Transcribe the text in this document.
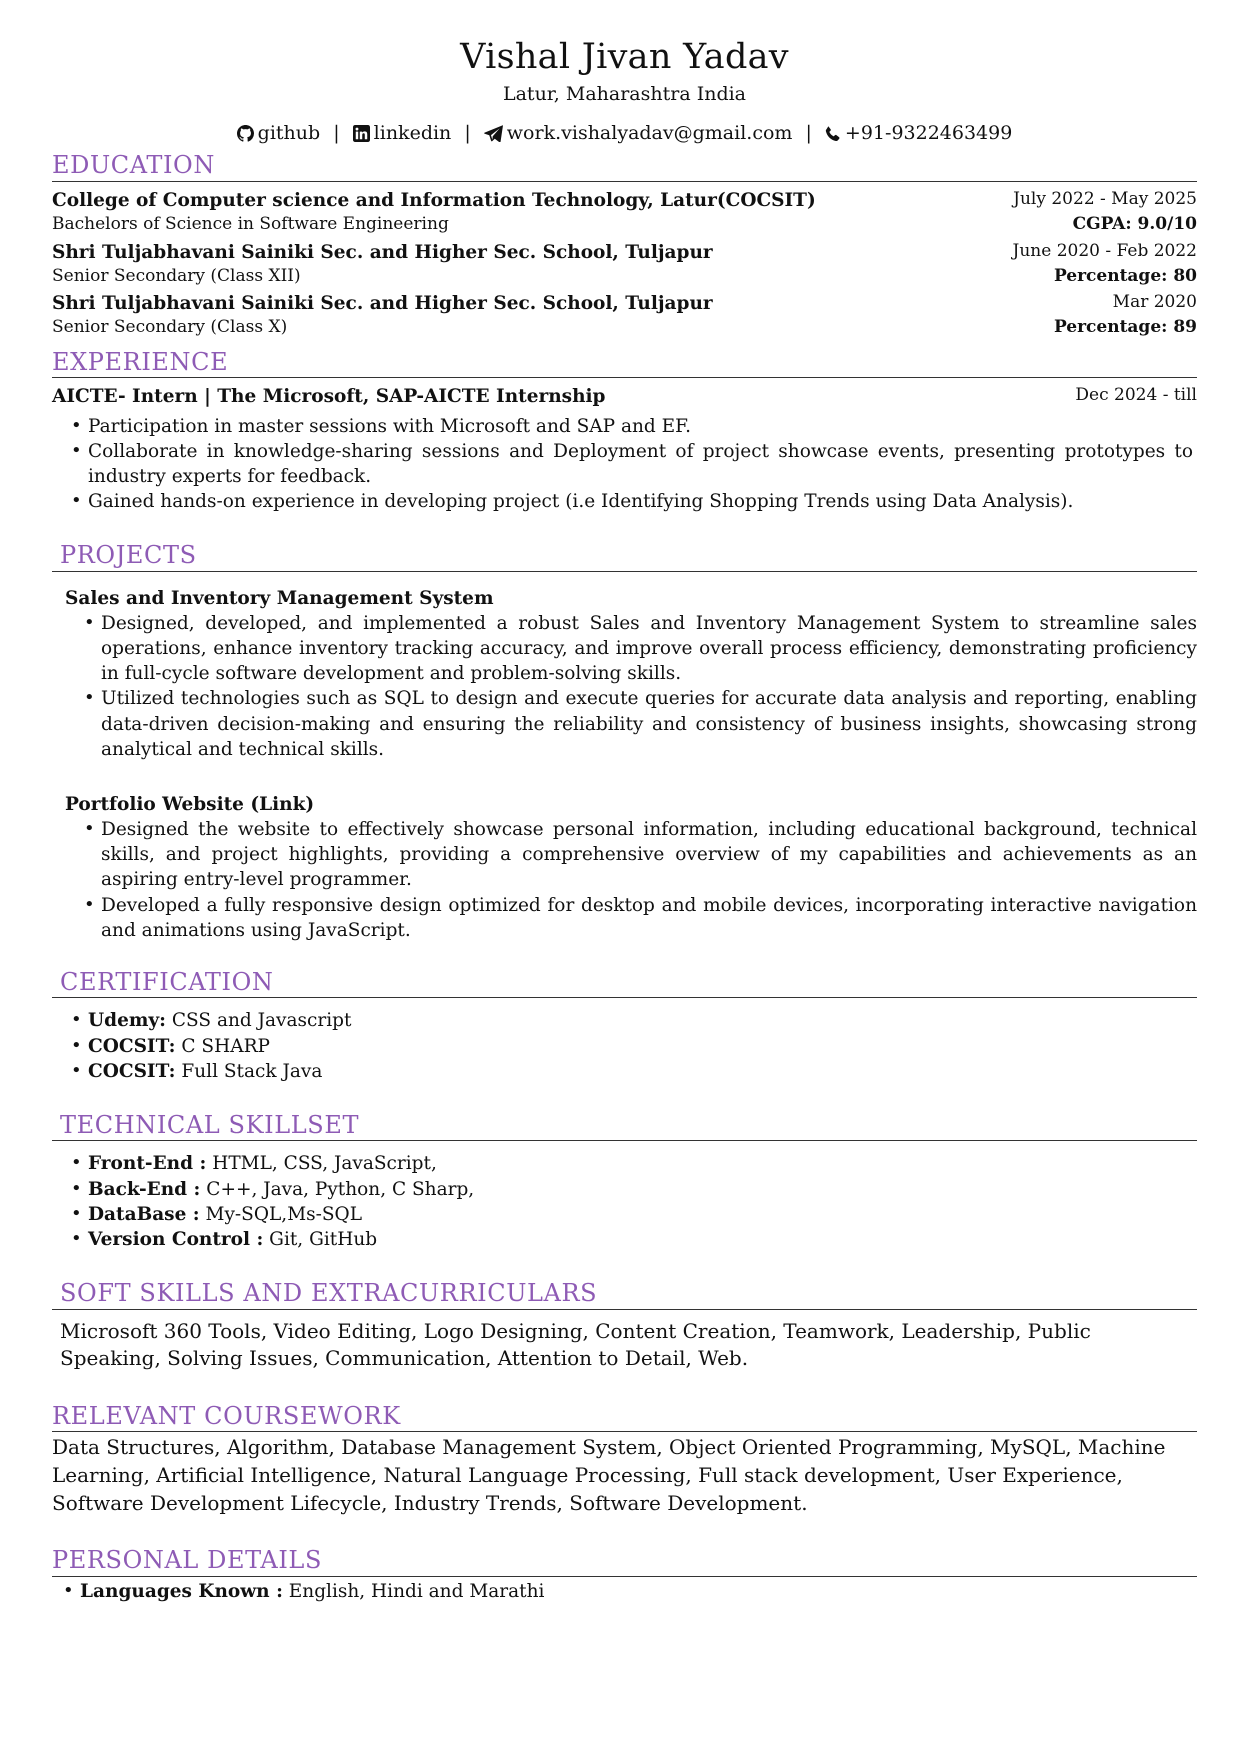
Vishal Jivan Yadav
Latur, Maharashtra India
github | linkedin | work.vishalyadav@gmail.com | +91-9322463499
EDUCATION
College of Computer science and Information Technology, Latur(COCSIT)	July 2022 - May 2025
Bachelors of Science in Software Engineering	CGPA: 9.0/10
Shri Tuljabhavani Sainiki Sec. and Higher Sec. School, Tuljapur	June 2020 - Feb 2022
Senior Secondary (Class XII)	Percentage: 80
Shri Tuljabhavani Sainiki Sec. and Higher Sec. School, Tuljapur	Mar 2020
Senior Secondary (Class X)	Percentage: 89
EXPERIENCE
AICTE- Intern | The Microsoft, SAP-AICTE Internship	Dec 2024 - till
• Participation in master sessions with Microsoft and SAP and EF.
• Collaborate in knowledge-sharing sessions and Deployment of project showcase events, presenting prototypes to industry experts for feedback.
• Gained hands-on experience in developing project (i.e Identifying Shopping Trends using Data Analysis).
PROJECTS
Sales and Inventory Management System
• Designed, developed, and implemented a robust Sales and Inventory Management System to streamline sales operations, enhance inventory tracking accuracy, and improve overall process efficiency, demonstrating proficiency in full-cycle software development and problem-solving skills.
• Utilized technologies such as SQL to design and execute queries for accurate data analysis and reporting, enabling data-driven decision-making and ensuring the reliability and consistency of business insights, showcasing strong analytical and technical skills.
Portfolio Website (Link)
• Designed the website to effectively showcase personal information, including educational background, technical skills, and project highlights, providing a comprehensive overview of my capabilities and achievements as an aspiring entry-level programmer.
• Developed a fully responsive design optimized for desktop and mobile devices, incorporating interactive navigation and animations using JavaScript.
CERTIFICATION
• Udemy: CSS and Javascript
• COCSIT: C SHARP
• COCSIT: Full Stack Java
TECHNICAL SKILLSET
• Front-End : HTML, CSS, JavaScript,
• Back-End : C++, Java, Python, C Sharp,
• DataBase : My-SQL,Ms-SQL
• Version Control : Git, GitHub
SOFT SKILLS AND EXTRACURRICULARS
Microsoft 360 Tools, Video Editing, Logo Designing, Content Creation, Teamwork, Leadership, Public Speaking, Solving Issues, Communication, Attention to Detail, Web.
RELEVANT COURSEWORK
Data Structures, Algorithm, Database Management System, Object Oriented Programming, MySQL, Machine Learning, Artificial Intelligence, Natural Language Processing, Full stack development, User Experience, Software Development Lifecycle, Industry Trends, Software Development.
PERSONAL DETAILS
• Languages Known : English, Hindi and Marathi
